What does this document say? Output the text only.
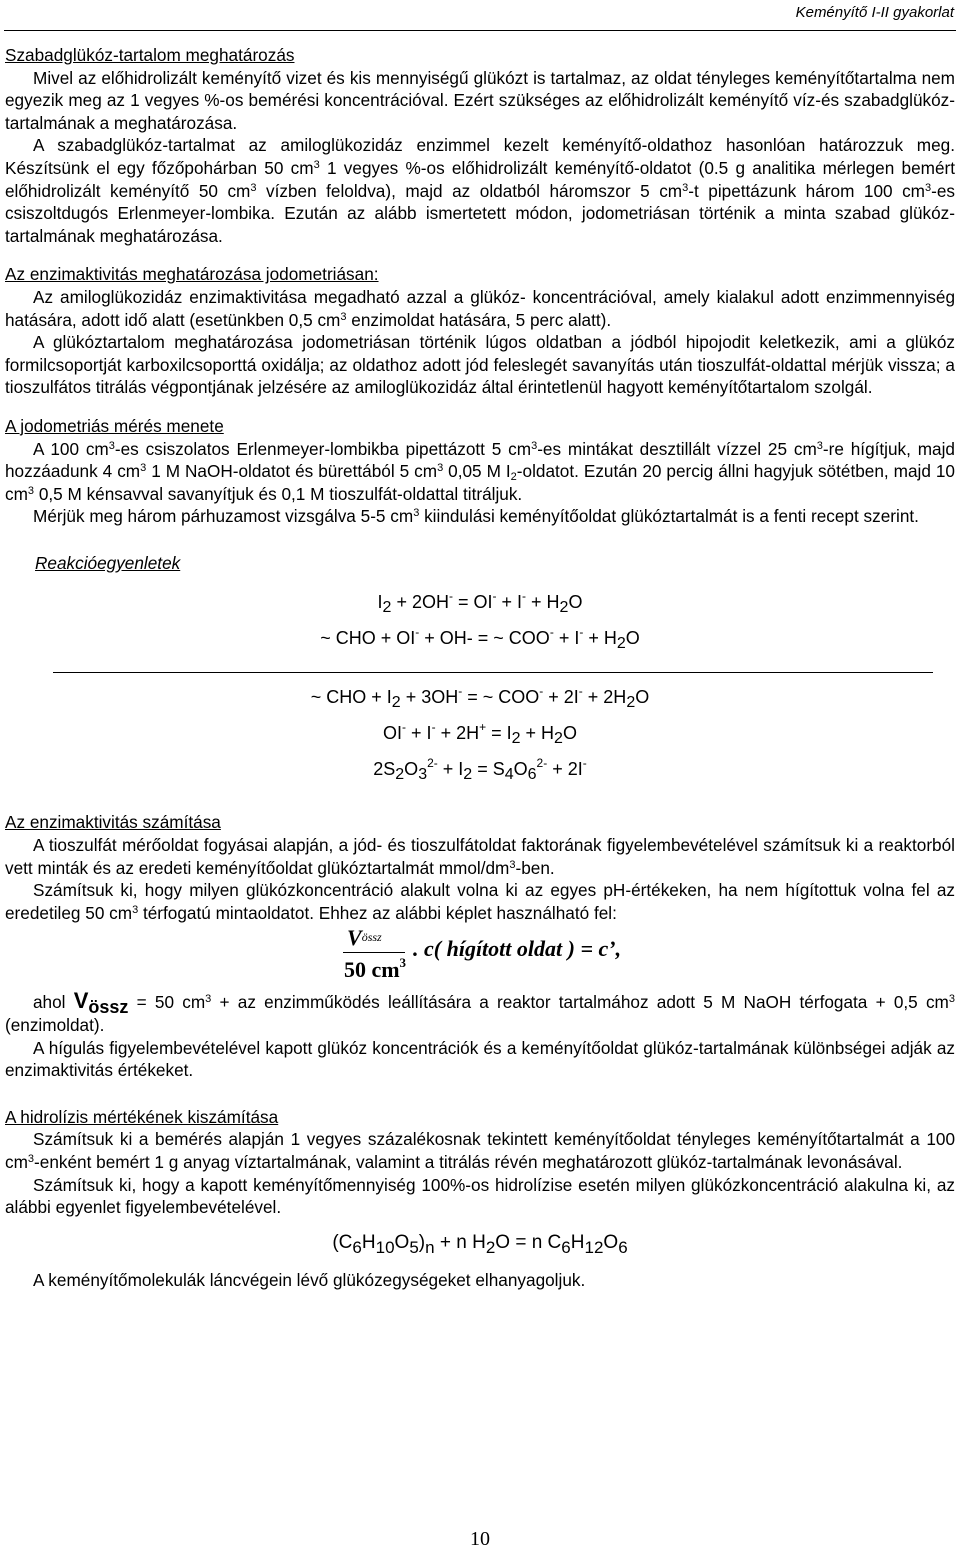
Keményítő I-II gyakorlat

Szabadglükóz-tartalom meghatározás

Mivel az előhidrolizált keményítő vizet és kis mennyiségű glükózt is tartalmaz, az oldat tényleges keményítőtartalma nem egyezik meg az 1 vegyes %-os bemérési koncentrációval. Ezért szükséges az előhidrolizált keményítő víz-és szabadglükóz-tartalmának a meghatározása.

A szabadglükóz-tartalmat az amiloglükozidáz enzimmel kezelt keményítő-oldathoz hasonlóan határozzuk meg. Készítsünk el egy főzőpohárban 50 $cm^3$ 1 vegyes %-os előhidrolizált keményítő-oldatot (0.5 g analitika mérlegen bemért előhidrolizált keményítő 50 $cm^3$ vízben feloldva), majd az oldatból háromszor 5 $cm^3-t$ pipettázunk három 100 $cm^3-es$ csiszoltdugós Erlenmeyer-lombika. Ezután az alább ismertetett módon, jodometriásan történik a minta szabad glükóz-tartalmának meghatározása.

Az enzimaktivitás meghatározása jodometriásan:

Az amiloglükozidáz enzimaktivitása megadható azzal a glükóz- koncentrációval, amely kialakul adott enzimmennyiség hatására, adott idő alatt (esetünkben 0,5 $cm^3$ enzimoldat hatására, 5 perc alatt).

A glükóztartalom meghatározása jodometriásan történik lúgos oldatban a jódból hipojodit keletkezik, ami a glükóz formilcsoportját karboxilcsoporttá oxidálja; az oldathoz adott jód feleslegét savanyítás után tioszulfát-oldattal mérjük vissza; a tioszulfátos titrálás végpontjának jelzésére az amiloglükozidáz által érintetlenül hagyott keményítőtartalom szolgál.

A jodometriás mérés menete

A 100 $cm^3-es$ csiszolatos Erlenmeyer-lombikba pipettázott 5 $cm^3-es$ mintákat desztillált vízzel 25 $cm^3-re$ hígítjuk, majd hozzáadunk 4 $cm^3$ 1 M NaOH-oldatot és bürettából 5 $cm^3$ 0,05 M $I_2$-oldatot. Ezután 20 percig állni hagyjuk sötétben, majd 10 $cm^3$ 0,5 M kénsavval savanyítjuk és 0,1 M tioszulfát-oldattal titráljuk.

Mérjük meg három párhuzamost vizsgálva 5-5 $cm^3$ kiindulási keményítőoldat glükóztartalmát is a fenti recept szerint.

Reakcióegyenletek

$I_2 + 2OH^- = OI^- + I^- + H_2O$
~ CHO + OI- + OH- = ~ $COO^- + I^- + H_2O$
~ CHO + $I_2 + 3OH^-$ = ~ $COO^- + 2I^- + 2H_2O$
$OI^- + I^- + 2H^+ = I_2 + H_2O$
$2S_2O_3^{2-} + I_2 = S_4O_6^{2-} + 2I^-$

Az enzimaktivitás számítása

A tioszulfát mérőoldat fogyásai alapján, a jód- és tioszulfátoldat faktorának figyelembevételével számítsuk ki a reaktorból vett minták és az eredeti keményítőoldat glükóztartalmát mmol/$dm^3$-ben.

Számítsuk ki, hogy milyen glükózkoncentráció alakult volna ki az egyes pH-értékeken, ha nem hígítottuk volna fel az eredetileg 50 $cm^3$ térfogatú mintaoldatot. Ehhez az alábbi képlet használható fel:

$V_{össz}$
50 $cm^3$
. c( hígított oldat ) = c’,

ahol $V_{össz} = 50$ $cm^3$ + az enzimműködés leállítására a reaktor tartalmához adott 5 M NaOH térfogata + 0,5 $cm^3$ (enzimoldat).

A hígulás figyelembevételével kapott glükóz koncentrációk és a keményítőoldat glükóz-tartalmának különbségei adják az enzimaktivitás értékeket.

A hidrolízis mértékének kiszámítása

Számítsuk ki a bemérés alapján 1 vegyes százalékosnak tekintett keményítőoldat tényleges keményítőtartalmát a 100 $cm^3$-enként bemért 1 g anyag víztartalmának, valamint a titrálás révén meghatározott glükóz-tartalmának levonásával.

Számítsuk ki, hogy a kapott keményítőmennyiség 100%-os hidrolízise esetén milyen glükózkoncentráció alakulna ki, az alábbi egyenlet figyelembevételével.

$(C_6H_{10}O_5)_n + n$ $H_2O = n$ $C_6H_{12}O_6$

A keményítőmolekulák láncvégein lévő glükózegységeket elhanyagoljuk.

10
